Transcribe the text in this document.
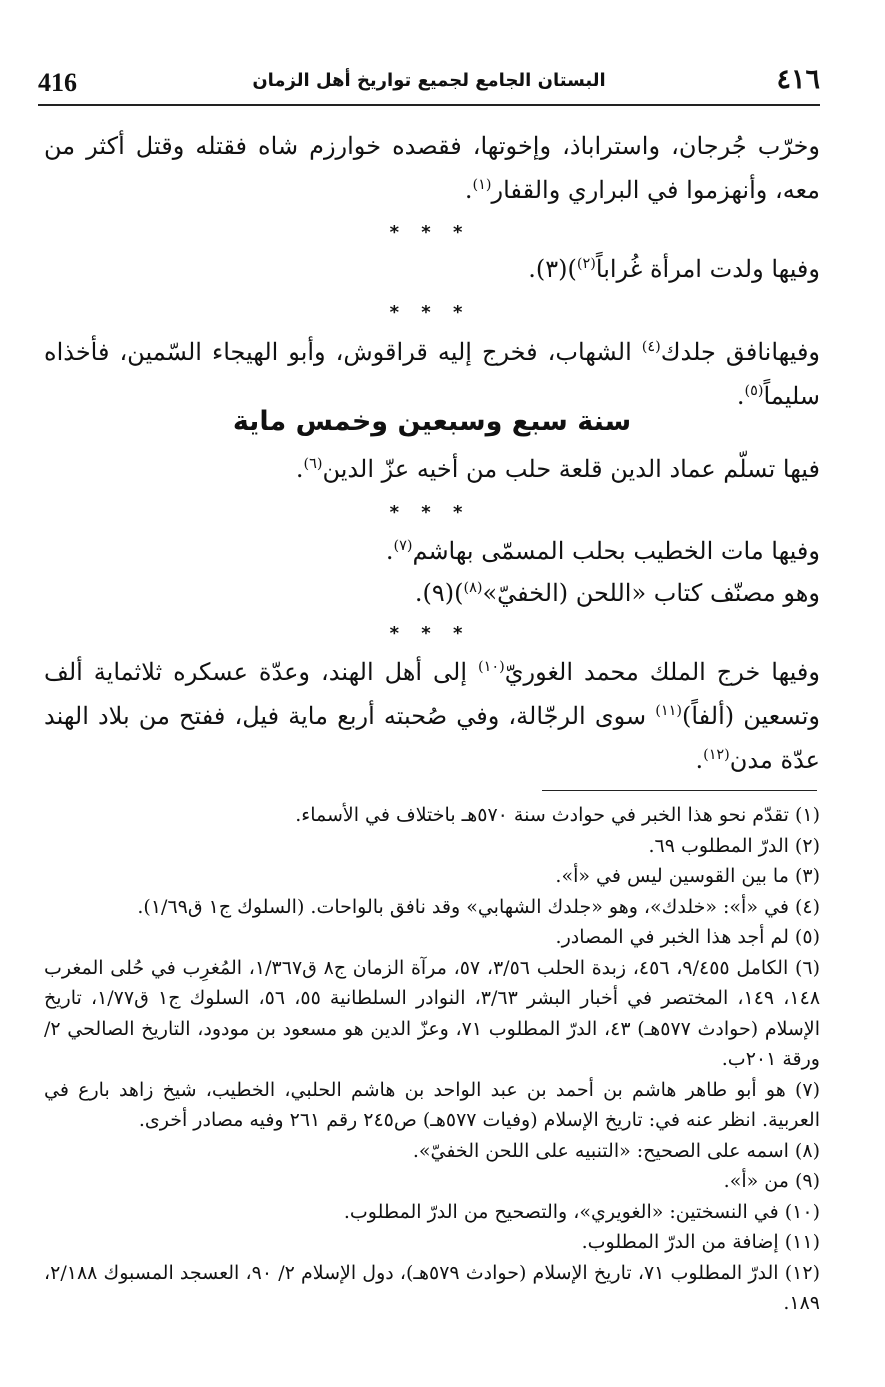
٤١٦
البستان الجامع لجميع تواريخ أهل الزمان
416
وخرّب جُرجان، واستراباذ، وإخوتها، فقصده خوارزم شاه فقتله وقتل أكثر من معه، وأنهزموا في البراري والقفار$^{(١)}$.
* * *
وفيها ولدت امرأة غُراباً$^{(٢)}$)(٣).
* * *
وفيهانافق جلدك$^{(٤)}$ الشهاب، فخرج إليه قراقوش، وأبو الهيجاء السّمين، فأخذاه سليماً$^{(٥)}$.
سنة سبع وسبعين وخمس ماية
فيها تسلّم عماد الدين قلعة حلب من أخيه عزّ الدين$^{(٦)}$.
* * *
وفيها مات الخطيب بحلب المسمّى بهاشم$^{(٧)}$.
وهو مصنّف كتاب «اللحن (الخفيّ»$^{(٨)}$)(٩).
* * *
وفيها خرج الملك محمد الغوريّ$^{(١٠)}$ إلى أهل الهند، وعدّة عسكره ثلاثماية ألف وتسعين (ألفاً)$^{(١١)}$ سوى الرجّالة، وفي صُحبته أربع ماية فيل، ففتح من بلاد الهند عدّة مدن$^{(١٢)}$.
(١) تقدّم نحو هذا الخبر في حوادث سنة ٥٧٠هـ باختلاف في الأسماء.
(٢) الدرّ المطلوب ٦٩.
(٣) ما بين القوسين ليس في «أ».
(٤) في «أ»: «خلدك»، وهو «جلدك الشهابي» وقد نافق بالواحات. (السلوك ج١ ق١/٦٩).
(٥) لم أجد هذا الخبر في المصادر.
(٦) الكامل ٩/٤٥٥، ٤٥٦، زبدة الحلب ٣/٥٦، ٥٧، مرآة الزمان ج٨ ق١/٣٦٧، المُغرِب في حُلى المغرب ١٤٨، ١٤٩، المختصر في أخبار البشر ٣/٦٣، النوادر السلطانية ٥٥، ٥٦، السلوك ج١ ق١/٧٧، تاريخ الإسلام (حوادث ٥٧٧هـ) ٤٣، الدرّ المطلوب ٧١، وعزّ الدين هو مسعود بن مودود، التاريخ الصالحي ٢/ ورقة ٢٠١ب.
(٧) هو أبو طاهر هاشم بن أحمد بن عبد الواحد بن هاشم الحلبي، الخطيب، شيخ زاهد بارع في العربية. انظر عنه في: تاريخ الإسلام (وفيات ٥٧٧هـ) ص٢٤٥ رقم ٢٦١ وفيه مصادر أخرى.
(٨) اسمه على الصحيح: «التنبيه على اللحن الخفيّ».
(٩) من «أ».
(١٠) في النسختين: «الغويري»، والتصحيح من الدرّ المطلوب.
(١١) إضافة من الدرّ المطلوب.
(١٢) الدرّ المطلوب ٧١، تاريخ الإسلام (حوادث ٥٧٩هـ)، دول الإسلام ٢/ ٩٠، العسجد المسبوك ٢/١٨٨، ١٨٩.
